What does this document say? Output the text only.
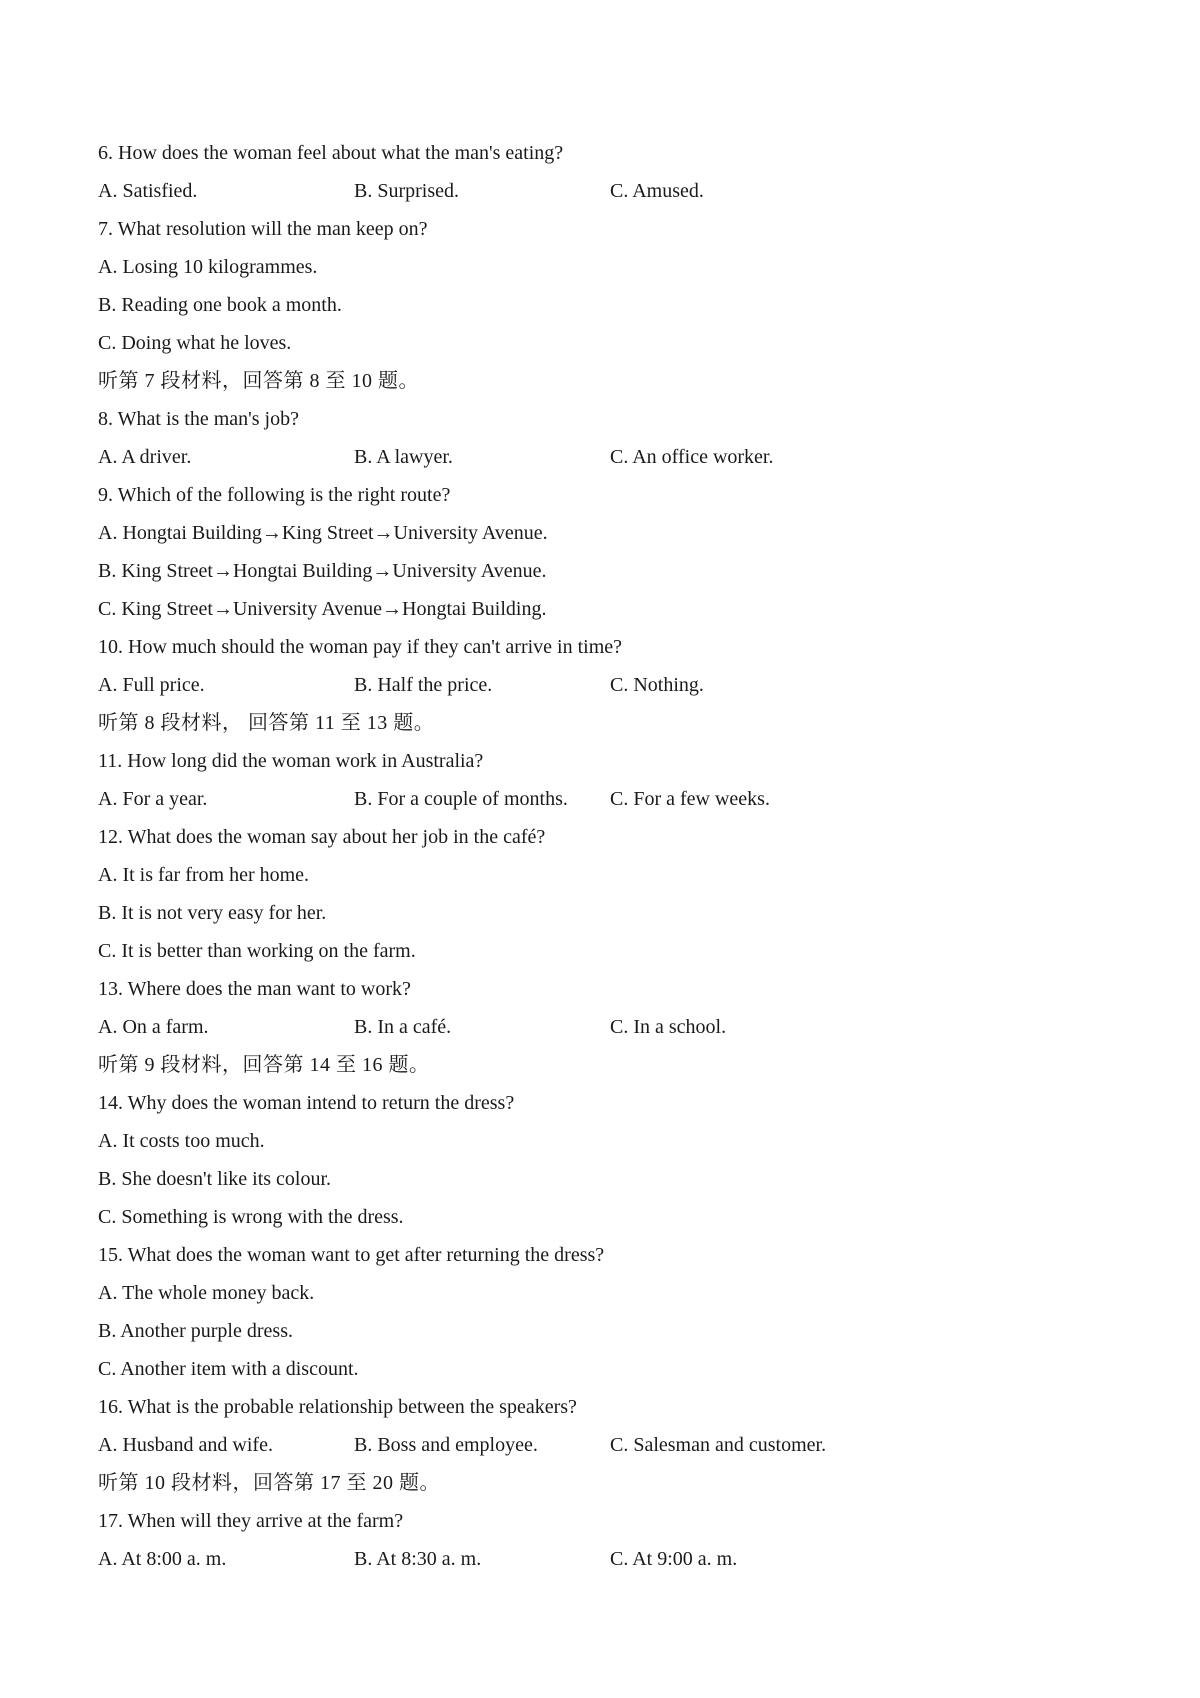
6. How does the woman feel about what the man's eating?
A. Satisfied.	B. Surprised.	C. Amused.
7. What resolution will the man keep on?
A. Losing 10 kilogrammes.
B. Reading one book a month.
C. Doing what he loves.
听第 7 段材料，回答第 8 至 10 题。
8. What is the man's job?
A. A driver.	B. A lawyer.	C. An office worker.
9. Which of the following is the right route?
A. Hongtai Building→King Street→University Avenue.
B. King Street→Hongtai Building→University Avenue.
C. King Street→University Avenue→Hongtai Building.
10. How much should the woman pay if they can't arrive in time?
A. Full price.	B. Half the price.	C. Nothing.
听第 8 段材料， 回答第 11 至 13 题。
11. How long did the woman work in Australia?
A. For a year.	B. For a couple of months.	C. For a few weeks.
12. What does the woman say about her job in the café?
A. It is far from her home.
B. It is not very easy for her.
C. It is better than working on the farm.
13. Where does the man want to work?
A. On a farm.	B. In a café.	C. In a school.
听第 9 段材料，回答第 14 至 16 题。
14. Why does the woman intend to return the dress?
A. It costs too much.
B. She doesn't like its colour.
C. Something is wrong with the dress.
15. What does the woman want to get after returning the dress?
A. The whole money back.
B. Another purple dress.
C. Another item with a discount.
16. What is the probable relationship between the speakers?
A. Husband and wife.	B. Boss and employee.	C. Salesman and customer.
听第 10 段材料，回答第 17 至 20 题。
17. When will they arrive at the farm?
A. At 8:00 a. m.	B. At 8:30 a. m.	C. At 9:00 a. m.
